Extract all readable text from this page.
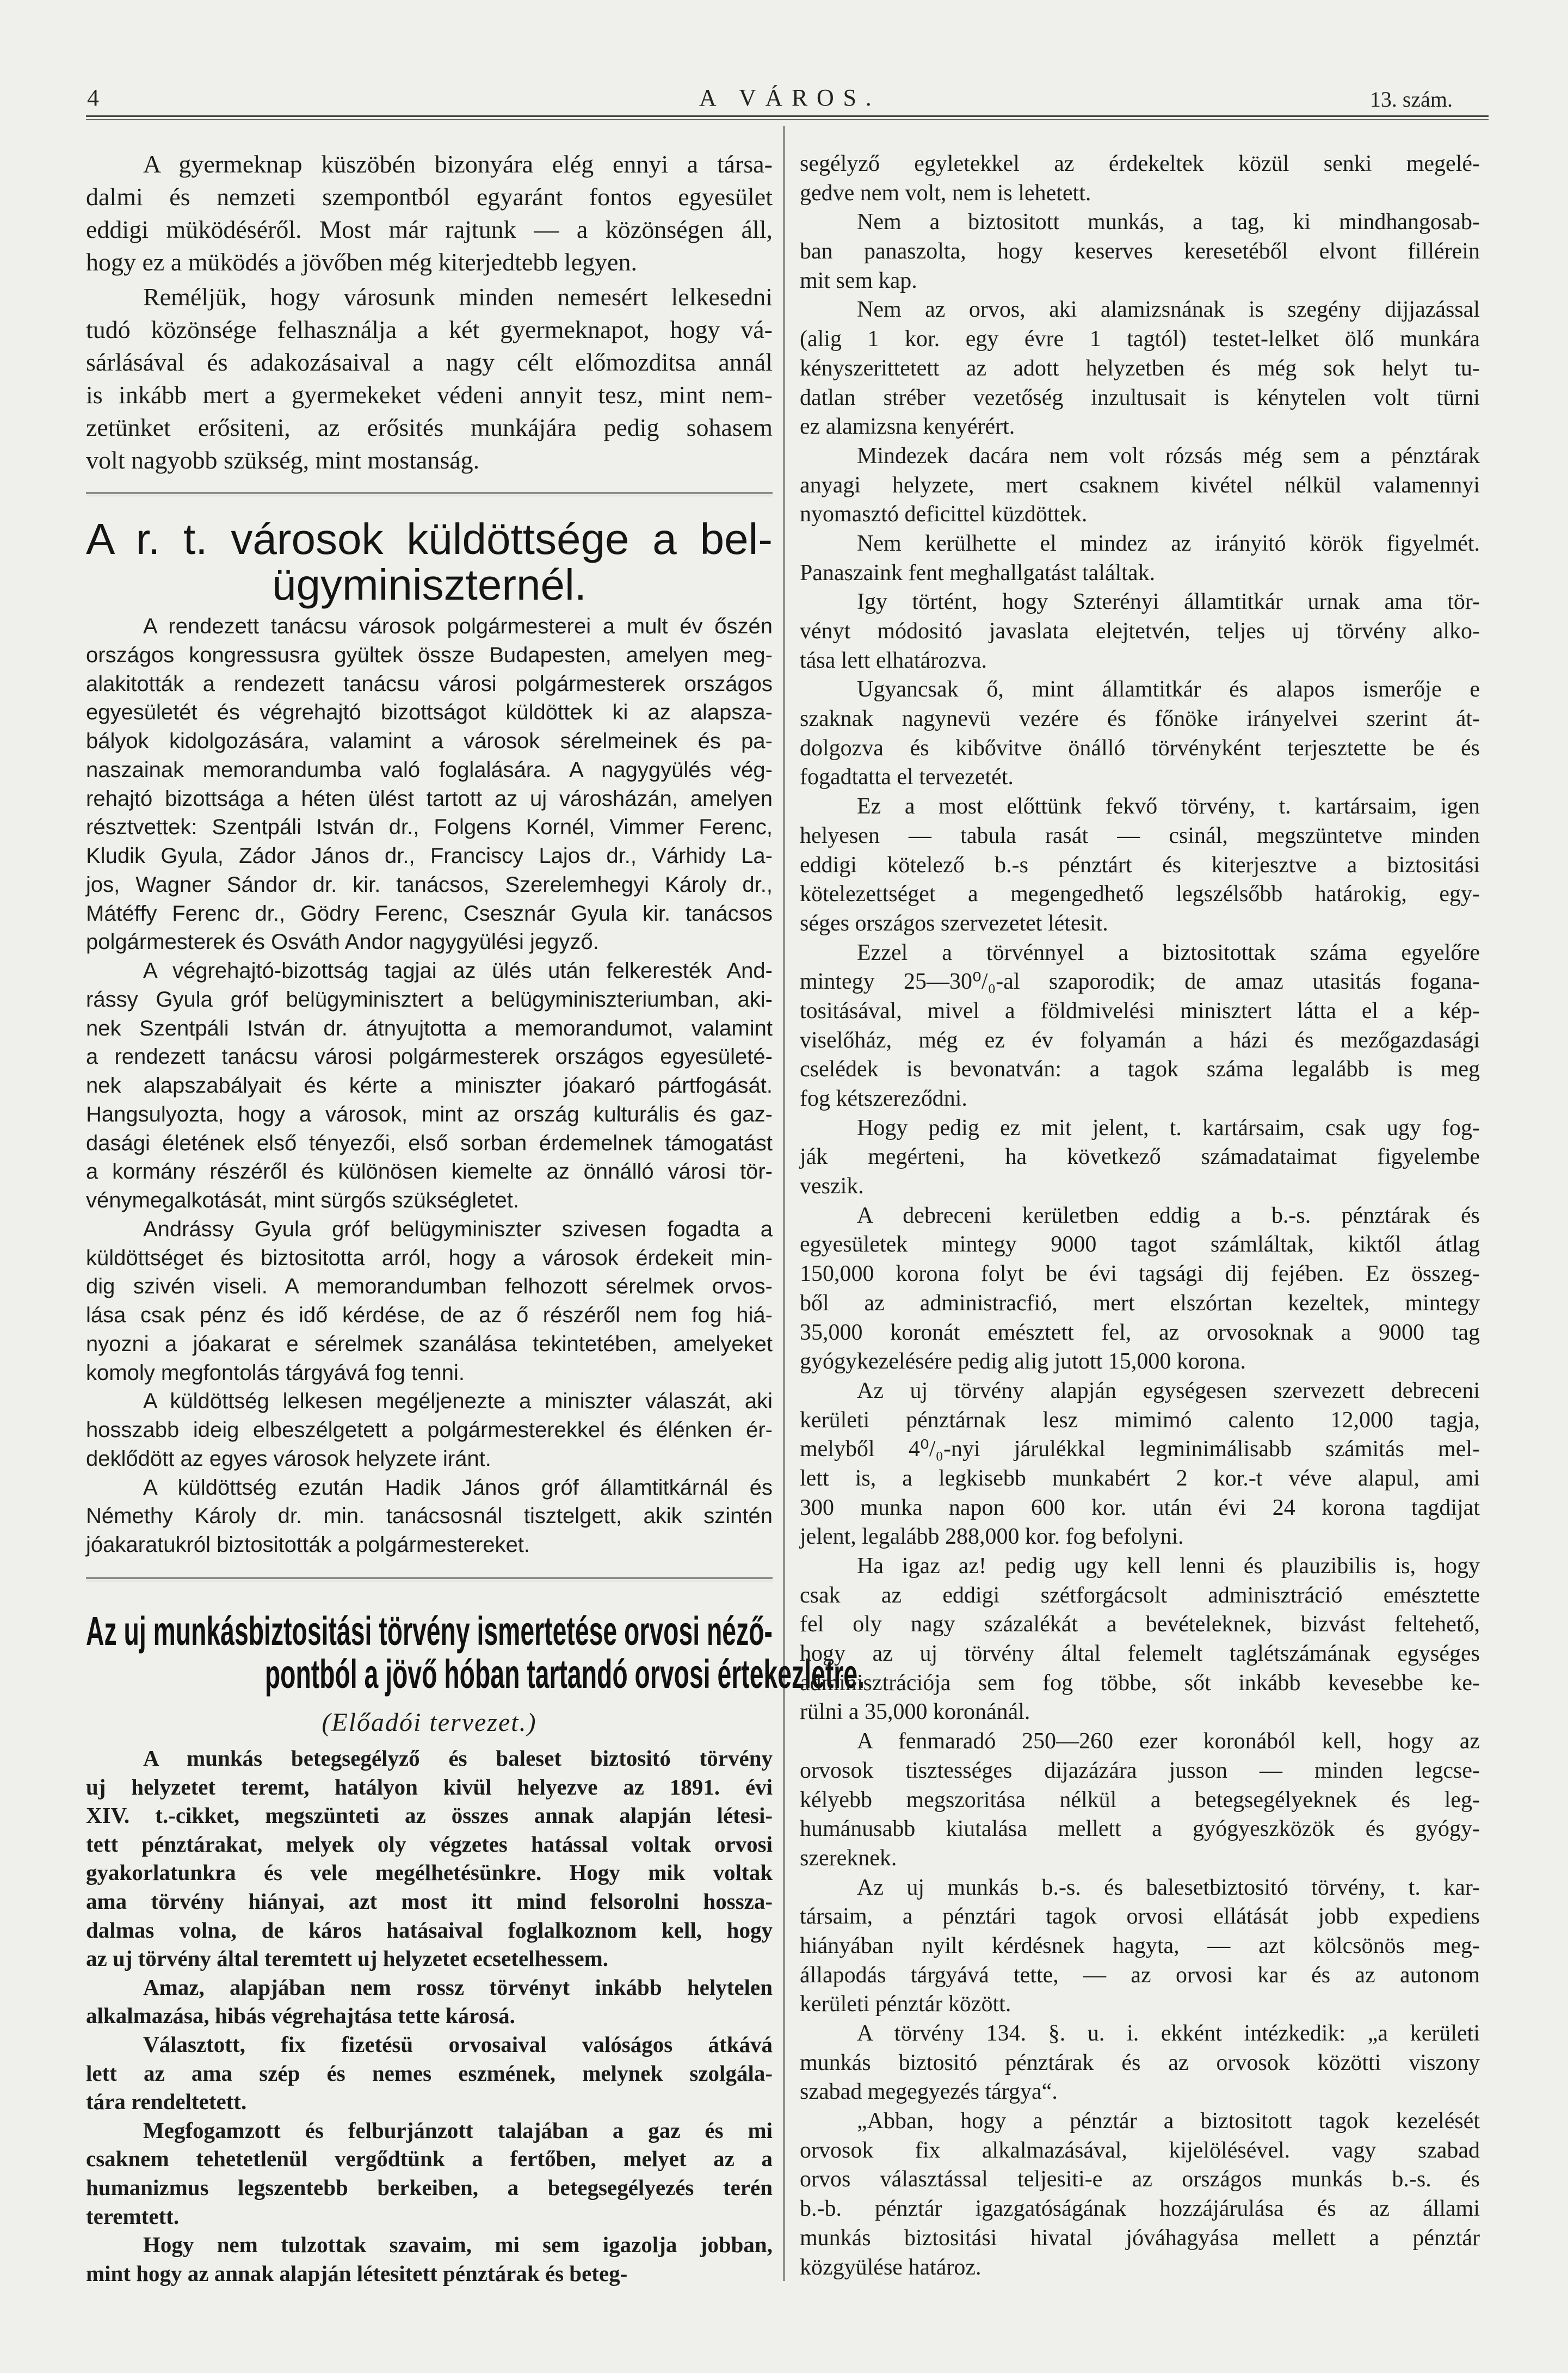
4	A VÁROS.	13. szám.
A gyermeknap küszöbén bizonyára elég ennyi a társa-
dalmi és nemzeti szempontból egyaránt fontos egyesület
eddigi müködéséről. Most már rajtunk — a közönségen áll,
hogy ez a müködés a jövőben még kiterjedtebb legyen.
Reméljük, hogy városunk minden nemesért lelkesedni
tudó közönsége felhasználja a két gyermeknapot, hogy vá-
sárlásával és adakozásaival a nagy célt előmozditsa annál
is inkább mert a gyermekeket védeni annyit tesz, mint nem-
zetünket erősiteni, az erősités munkájára pedig sohasem
volt nagyobb szükség, mint mostanság.
A r. t. városok küldöttsége a bel-
ügyminiszternél.
A rendezett tanácsu városok polgármesterei a mult év őszén
országos kongressusra gyültek össze Budapesten, amelyen meg-
alakitották a rendezett tanácsu városi polgármesterek országos
egyesületét és végrehajtó bizottságot küldöttek ki az alapsza-
bályok kidolgozására, valamint a városok sérelmeinek és pa-
naszainak memorandumba való foglalására. A nagygyülés vég-
rehajtó bizottsága a héten ülést tartott az uj városházán, amelyen
résztvettek: Szentpáli István dr., Folgens Kornél, Vimmer Ferenc,
Kludik Gyula, Zádor János dr., Franciscy Lajos dr., Várhidy La-
jos, Wagner Sándor dr. kir. tanácsos, Szerelemhegyi Károly dr.,
Mátéffy Ferenc dr., Gödry Ferenc, Csesznár Gyula kir. tanácsos
polgármesterek és Osváth Andor nagygyülési jegyző.
A végrehajtó-bizottság tagjai az ülés után felkeresték And-
rássy Gyula gróf belügyminisztert a belügyminiszteriumban, aki-
nek Szentpáli István dr. átnyujtotta a memorandumot, valamint
a rendezett tanácsu városi polgármesterek országos egyesületé-
nek alapszabályait és kérte a miniszter jóakaró pártfogását.
Hangsulyozta, hogy a városok, mint az ország kulturális és gaz-
dasági életének első tényezői, első sorban érdemelnek támogatást
a kormány részéről és különösen kiemelte az önnálló városi tör-
vénymegalkotását, mint sürgős szükségletet.
Andrássy Gyula gróf belügyminiszter szivesen fogadta a
küldöttséget és biztositotta arról, hogy a városok érdekeit min-
dig szivén viseli. A memorandumban felhozott sérelmek orvos-
lása csak pénz és idő kérdése, de az ő részéről nem fog hiá-
nyozni a jóakarat e sérelmek szanálása tekintetében, amelyeket
komoly megfontolás tárgyává fog tenni.
A küldöttség lelkesen megéljenezte a miniszter válaszát, aki
hosszabb ideig elbeszélgetett a polgármesterekkel és élénken ér-
deklődött az egyes városok helyzete iránt.
A küldöttség ezután Hadik János gróf államtitkárnál és
Némethy Károly dr. min. tanácsosnál tisztelgett, akik szintén
jóakaratukról biztositották a polgármestereket.
Az uj munkásbiztositási törvény ismertetése orvosi néző-
pontból a jövő hóban tartandó orvosi értekezletre.
(Előadói tervezet.)
A munkás betegsegélyző és baleset biztositó törvény
uj helyzetet teremt, hatályon kivül helyezve az 1891. évi
XIV. t.-cikket, megszünteti az összes annak alapján létesi-
tett pénztárakat, melyek oly végzetes hatással voltak orvosi
gyakorlatunkra és vele megélhetésünkre. Hogy mik voltak
ama törvény hiányai, azt most itt mind felsorolni hossza-
dalmas volna, de káros hatásaival foglalkoznom kell, hogy
az uj törvény által teremtett uj helyzetet ecsetelhessem.
Amaz, alapjában nem rossz törvényt inkább helytelen
alkalmazása, hibás végrehajtása tette károsá.
Választott, fix fizetésü orvosaival valóságos átkává
lett az ama szép és nemes eszmének, melynek szolgála-
tára rendeltetett.
Megfogamzott és felburjánzott talajában a gaz és mi
csaknem tehetetlenül vergődtünk a fertőben, melyet az a
humanizmus legszentebb berkeiben, a betegsegélyezés terén
teremtett.
Hogy nem tulzottak szavaim, mi sem igazolja jobban,
mint hogy az annak alapján létesitett pénztárak és beteg-
segélyző egyletekkel az érdekeltek közül senki megelé-
gedve nem volt, nem is lehetett.
Nem a biztositott munkás, a tag, ki mindhangosab-
ban panaszolta, hogy keserves keresetéből elvont fillérein
mit sem kap.
Nem az orvos, aki alamizsnának is szegény dijjazással
(alig 1 kor. egy évre 1 tagtól) testet-lelket ölő munkára
kényszerittetett az adott helyzetben és még sok helyt tu-
datlan stréber vezetőség inzultusait is kénytelen volt türni
ez alamizsna kenyérért.
Mindezek dacára nem volt rózsás még sem a pénztárak
anyagi helyzete, mert csaknem kivétel nélkül valamennyi
nyomasztó deficittel küzdöttek.
Nem kerülhette el mindez az irányitó körök figyelmét.
Panaszaink fent meghallgatást találtak.
Igy történt, hogy Szterényi államtitkár urnak ama tör-
vényt módositó javaslata elejtetvén, teljes uj törvény alko-
tása lett elhatározva.
Ugyancsak ő, mint államtitkár és alapos ismerője e
szaknak nagynevü vezére és főnöke irányelvei szerint át-
dolgozva és kibővitve önálló törvényként terjesztette be és
fogadtatta el tervezetét.
Ez a most előttünk fekvő törvény, t. kartársaim, igen
helyesen — tabula rasát — csinál, megszüntetve minden
eddigi kötelező b.-s pénztárt és kiterjesztve a biztositási
kötelezettséget a megengedhető legszélsőbb határokig, egy-
séges országos szervezetet létesit.
Ezzel a törvénnyel a biztositottak száma egyelőre
mintegy 25—30⁰/₀-al szaporodik; de amaz utasitás fogana-
tositásával, mivel a földmivelési minisztert látta el a kép-
viselőház, még ez év folyamán a házi és mezőgazdasági
cselédek is bevonatván: a tagok száma legalább is meg
fog kétszereződni.
Hogy pedig ez mit jelent, t. kartársaim, csak ugy fog-
ják megérteni, ha következő számadataimat figyelembe
veszik.
A debreceni kerületben eddig a b.-s. pénztárak és
egyesületek mintegy 9000 tagot számláltak, kiktől átlag
150,000 korona folyt be évi tagsági dij fejében. Ez összeg-
ből az administracfió, mert elszórtan kezeltek, mintegy
35,000 koronát emésztett fel, az orvosoknak a 9000 tag
gyógykezelésére pedig alig jutott 15,000 korona.
Az uj törvény alapján egységesen szervezett debreceni
kerületi pénztárnak lesz mimimó calento 12,000 tagja,
melyből 4⁰/₀-nyi járulékkal legminimálisabb számitás mel-
lett is, a legkisebb munkabért 2 kor.-t véve alapul, ami
300 munka napon 600 kor. után évi 24 korona tagdijat
jelent, legalább 288,000 kor. fog befolyni.
Ha igaz az! pedig ugy kell lenni és plauzibilis is, hogy
csak az eddigi szétforgácsolt adminisztráció emésztette
fel oly nagy százalékát a bevételeknek, bizvást feltehető,
hogy az uj törvény által felemelt taglétszámának egységes
adminisztrációja sem fog többe, sőt inkább kevesebbe ke-
rülni a 35,000 koronánál.
A fenmaradó 250—260 ezer koronából kell, hogy az
orvosok tisztességes dijazázára jusson — minden legcse-
kélyebb megszoritása nélkül a betegsegélyeknek és leg-
humánusabb kiutalása mellett a gyógyeszközök és gyógy-
szereknek.
Az uj munkás b.-s. és balesetbiztositó törvény, t. kar-
társaim, a pénztári tagok orvosi ellátását jobb expediens
hiányában nyilt kérdésnek hagyta, — azt kölcsönös meg-
állapodás tárgyává tette, — az orvosi kar és az autonom
kerületi pénztár között.
A törvény 134. §. u. i. ekként intézkedik: „a kerületi
munkás biztositó pénztárak és az orvosok közötti viszony
szabad megegyezés tárgya“.
„Abban, hogy a pénztár a biztositott tagok kezelését
orvosok fix alkalmazásával, kijelölésével. vagy szabad
orvos választással teljesiti-e az országos munkás b.-s. és
b.-b. pénztár igazgatóságának hozzájárulása és az állami
munkás biztositási hivatal jóváhagyása mellett a pénztár
közgyülése határoz.
